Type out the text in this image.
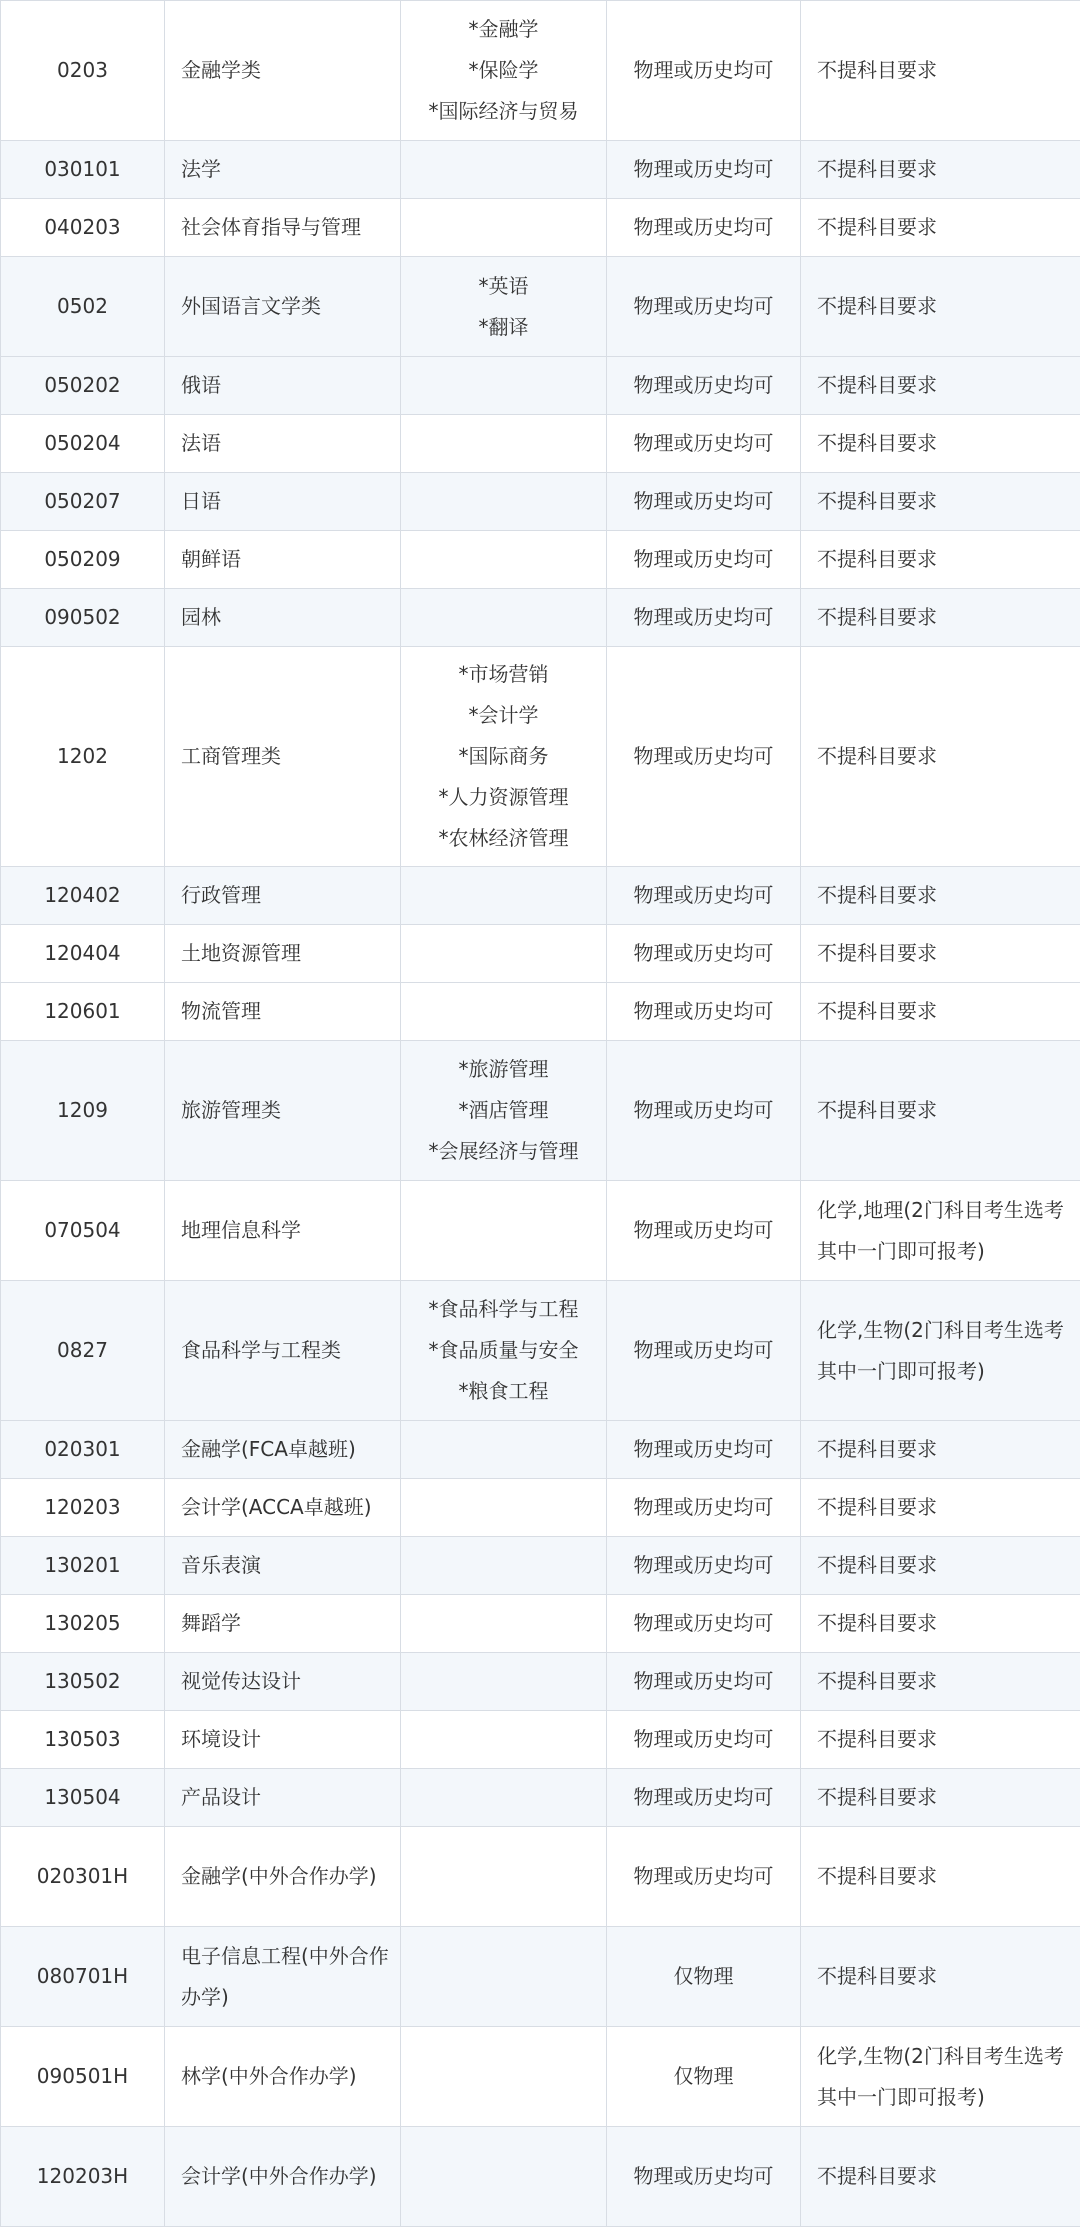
0203	金融学类	*金融学
*保险学
*国际经济与贸易	物理或历史均可	不提科目要求
030101	法学		物理或历史均可	不提科目要求
040203	社会体育指导与管理		物理或历史均可	不提科目要求
0502	外国语言文学类	*英语
*翻译	物理或历史均可	不提科目要求
050202	俄语		物理或历史均可	不提科目要求
050204	法语		物理或历史均可	不提科目要求
050207	日语		物理或历史均可	不提科目要求
050209	朝鲜语		物理或历史均可	不提科目要求
090502	园林		物理或历史均可	不提科目要求
1202	工商管理类	*市场营销
*会计学
*国际商务
*人力资源管理
*农林经济管理	物理或历史均可	不提科目要求
120402	行政管理		物理或历史均可	不提科目要求
120404	土地资源管理		物理或历史均可	不提科目要求
120601	物流管理		物理或历史均可	不提科目要求
1209	旅游管理类	*旅游管理
*酒店管理
*会展经济与管理	物理或历史均可	不提科目要求
070504	地理信息科学		物理或历史均可	化学,地理(2门科目考生选考其中一门即可报考)
0827	食品科学与工程类	*食品科学与工程
*食品质量与安全
*粮食工程	物理或历史均可	化学,生物(2门科目考生选考其中一门即可报考)
020301	金融学(FCA卓越班)		物理或历史均可	不提科目要求
120203	会计学(ACCA卓越班)		物理或历史均可	不提科目要求
130201	音乐表演		物理或历史均可	不提科目要求
130205	舞蹈学		物理或历史均可	不提科目要求
130502	视觉传达设计		物理或历史均可	不提科目要求
130503	环境设计		物理或历史均可	不提科目要求
130504	产品设计		物理或历史均可	不提科目要求
020301H	金融学(中外合作办学)		物理或历史均可	不提科目要求
080701H	电子信息工程(中外合作办学)		仅物理	不提科目要求
090501H	林学(中外合作办学)		仅物理	化学,生物(2门科目考生选考其中一门即可报考)
120203H	会计学(中外合作办学)		物理或历史均可	不提科目要求
